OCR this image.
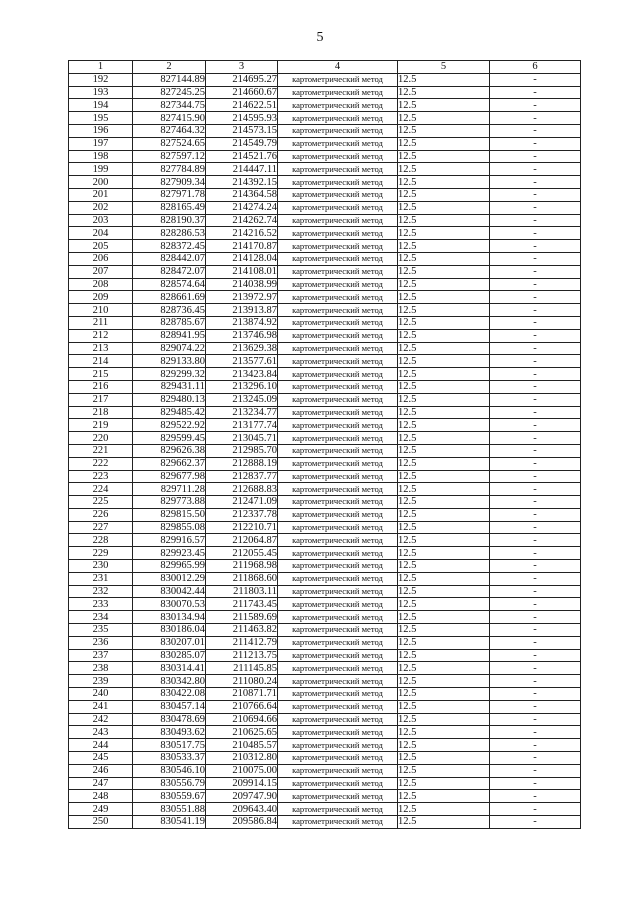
5
1	2	3	4	5	6
192	827144.89	214695.27	картометрический метод	12.5	-
193	827245.25	214660.67	картометрический метод	12.5	-
194	827344.75	214622.51	картометрический метод	12.5	-
195	827415.90	214595.93	картометрический метод	12.5	-
196	827464.32	214573.15	картометрический метод	12.5	-
197	827524.65	214549.79	картометрический метод	12.5	-
198	827597.12	214521.76	картометрический метод	12.5	-
199	827784.89	214447.11	картометрический метод	12.5	-
200	827909.34	214392.15	картометрический метод	12.5	-
201	827971.78	214364.58	картометрический метод	12.5	-
202	828165.49	214274.24	картометрический метод	12.5	-
203	828190.37	214262.74	картометрический метод	12.5	-
204	828286.53	214216.52	картометрический метод	12.5	-
205	828372.45	214170.87	картометрический метод	12.5	-
206	828442.07	214128.04	картометрический метод	12.5	-
207	828472.07	214108.01	картометрический метод	12.5	-
208	828574.64	214038.99	картометрический метод	12.5	-
209	828661.69	213972.97	картометрический метод	12.5	-
210	828736.45	213913.87	картометрический метод	12.5	-
211	828785.67	213874.92	картометрический метод	12.5	-
212	828941.95	213746.98	картометрический метод	12.5	-
213	829074.22	213629.38	картометрический метод	12.5	-
214	829133.80	213577.61	картометрический метод	12.5	-
215	829299.32	213423.84	картометрический метод	12.5	-
216	829431.11	213296.10	картометрический метод	12.5	-
217	829480.13	213245.09	картометрический метод	12.5	-
218	829485.42	213234.77	картометрический метод	12.5	-
219	829522.92	213177.74	картометрический метод	12.5	-
220	829599.45	213045.71	картометрический метод	12.5	-
221	829626.38	212985.70	картометрический метод	12.5	-
222	829662.37	212888.19	картометрический метод	12.5	-
223	829677.98	212837.77	картометрический метод	12.5	-
224	829711.28	212688.83	картометрический метод	12.5	-
225	829773.88	212471.09	картометрический метод	12.5	-
226	829815.50	212337.78	картометрический метод	12.5	-
227	829855.08	212210.71	картометрический метод	12.5	-
228	829916.57	212064.87	картометрический метод	12.5	-
229	829923.45	212055.45	картометрический метод	12.5	-
230	829965.99	211968.98	картометрический метод	12.5	-
231	830012.29	211868.60	картометрический метод	12.5	-
232	830042.44	211803.11	картометрический метод	12.5	-
233	830070.53	211743.45	картометрический метод	12.5	-
234	830134.94	211589.69	картометрический метод	12.5	-
235	830186.04	211463.82	картометрический метод	12.5	-
236	830207.01	211412.79	картометрический метод	12.5	-
237	830285.07	211213.75	картометрический метод	12.5	-
238	830314.41	211145.85	картометрический метод	12.5	-
239	830342.80	211080.24	картометрический метод	12.5	-
240	830422.08	210871.71	картометрический метод	12.5	-
241	830457.14	210766.64	картометрический метод	12.5	-
242	830478.69	210694.66	картометрический метод	12.5	-
243	830493.62	210625.65	картометрический метод	12.5	-
244	830517.75	210485.57	картометрический метод	12.5	-
245	830533.37	210312.80	картометрический метод	12.5	-
246	830546.10	210075.00	картометрический метод	12.5	-
247	830556.79	209914.15	картометрический метод	12.5	-
248	830559.67	209747.90	картометрический метод	12.5	-
249	830551.88	209643.40	картометрический метод	12.5	-
250	830541.19	209586.84	картометрический метод	12.5	-
